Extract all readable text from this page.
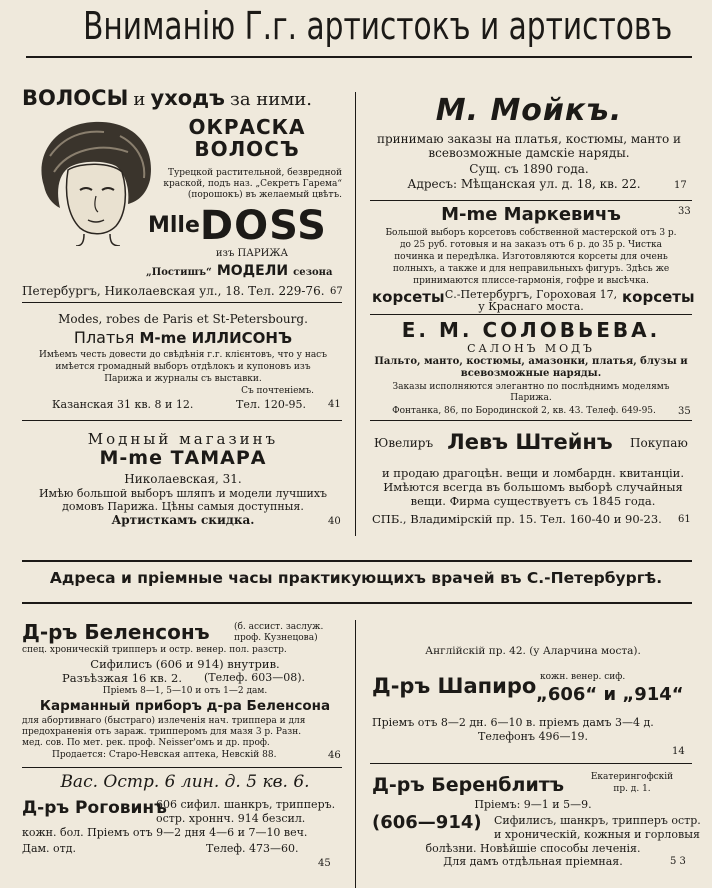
Вниманію Г.г. артистокъ и артистовъ
ВОЛОСЫ и уходъ за ними.
ОКРАСКА
ВОЛОСЪ
Турецкой растительной, безвредной
краской, подъ наз. „Секретъ Гарема“
(порошокъ) въ желаемый цвѣтъ.
$^{Mlle}$DOSS
изъ ПАРИЖА
„Постишъ“ МОДЕЛИ сезона
Петербургъ, Николаевская ул., 18. Тел. 229-76. 67
Modes, robes de Paris et St-Petersbourg.
Платья M-me ИЛЛИСОНЪ
Имѣемъ честь довести до свѣдѣнія г.г. клієнтовъ, что у насъ
имѣется громадный выборъ отдѣлокъ и купоновъ изъ
Парижа и журналы съ выставки.
Съ почтеніемъ.
Казанская 31 кв. 8 и 12.	Тел. 120-95. 41
Модный магазинъ
M-me ТАМАРА
Николаевская, 31.
Имѣю большой выборъ шляпъ и модели лучшихъ
домовъ Парижа. Цѣны самыя доступныя.
Артисткамъ скидка.	40
М. Мойкъ.
принимаю заказы на платья, костюмы, манто и
всевозможные дамскіе наряды.
Сущ. съ 1890 года.
Адресъ: Мѣщанская ул. д. 18, кв. 22.	17
M-me Маркевичъ	33
Большой выборъ корсетовъ собственной мастерской отъ 3 р.
до 25 руб. готовыя и на заказъ отъ 6 р. до 35 р. Чистка
починка и передѣлка. Изготовляются корсеты для очень
полныхъ, а также и для неправильныхъ фигуръ. Здѣсь же
принимаются плиссе-гармонія, гофре и высѣчка.
корсеты	корсеты
С.-Петербургъ, Гороховая 17,
у Краснаго моста.
Е. М. СОЛОВЬЕВА.
САЛОНЪ МОДЪ
Пальто, манто, костюмы, амазонки, платья, блузы и
всевозможные наряды.
Заказы исполняются элегантно по послѣднимъ моделямъ
Парижа.
Фонтанка, 86, по Бородинской 2, кв. 43. Телеф. 649-95.	35
Ювелиръ Левъ Штейнъ	Покупаю
и продаю драгоцѣн. вещи и ломбардн. квитанціи.
Имѣются всегда въ большомъ выборѣ случайныя
вещи. Фирма существуетъ съ 1845 года.
СПБ., Владимірскій пр. 15. Тел. 160-40 и 90-23. 61
Адреса и пріемные часы практикующихъ врачей въ С.-Петербургѣ.
Д-ръ Беленсонъ	(б. ассист. заслуж.
проф. Кузнецова)
спец. хроническій трипперъ и остр. венер. пол. разстр.
Сифилисъ (606 и 914) внутрив.
Разъѣзжая 16 кв. 2. (Телеф. 603—08).
Пріемъ 8—1, 5—10 и отъ 1—2 дам.
Карманный приборъ д-ра Беленсона
для абортивнаго (быстраго) излеченія нач. триппера и для
предохраненія отъ зараж. трипперомъ для мазя 3 р. Разн.
мед. сов. По мет. рек. проф. Neisser'омъ и др. проф.
Продается: Старо-Невская аптека, Невскій 88.	46
Вас. Остр. 6 лин. д. 5 кв. 6.
Д-ръ Роговинъ
606 сифил. шанкръ, трипперъ.
остр. хроннч. 914 безсил.
кожн. бол. Пріемъ отъ 9—2 дня 4—6 и 7—10 веч.
Дам. отд.	Телеф. 473—60.
45
Англійскій пр. 42. (у Аларчина моста).
Д-ръ Шапиро кожн. венер. сиф.
„606“ и „914“
Пріемъ отъ 8—2 дн. 6—10 в. пріемъ дамъ 3—4 д.
Телефонъ 496—19.
14
Д-ръ Беренблитъ	Екатерингофскій
пр. д. 1.
Пріемъ: 9—1 и 5—9.
(606—914) Сифилисъ, шанкръ, трипперъ остр.
и хроническій, кожныя и горловыя
болѣзни. Новѣйшіе способы леченія.
Для дамъ отдѣльная пріемная.	5 3
